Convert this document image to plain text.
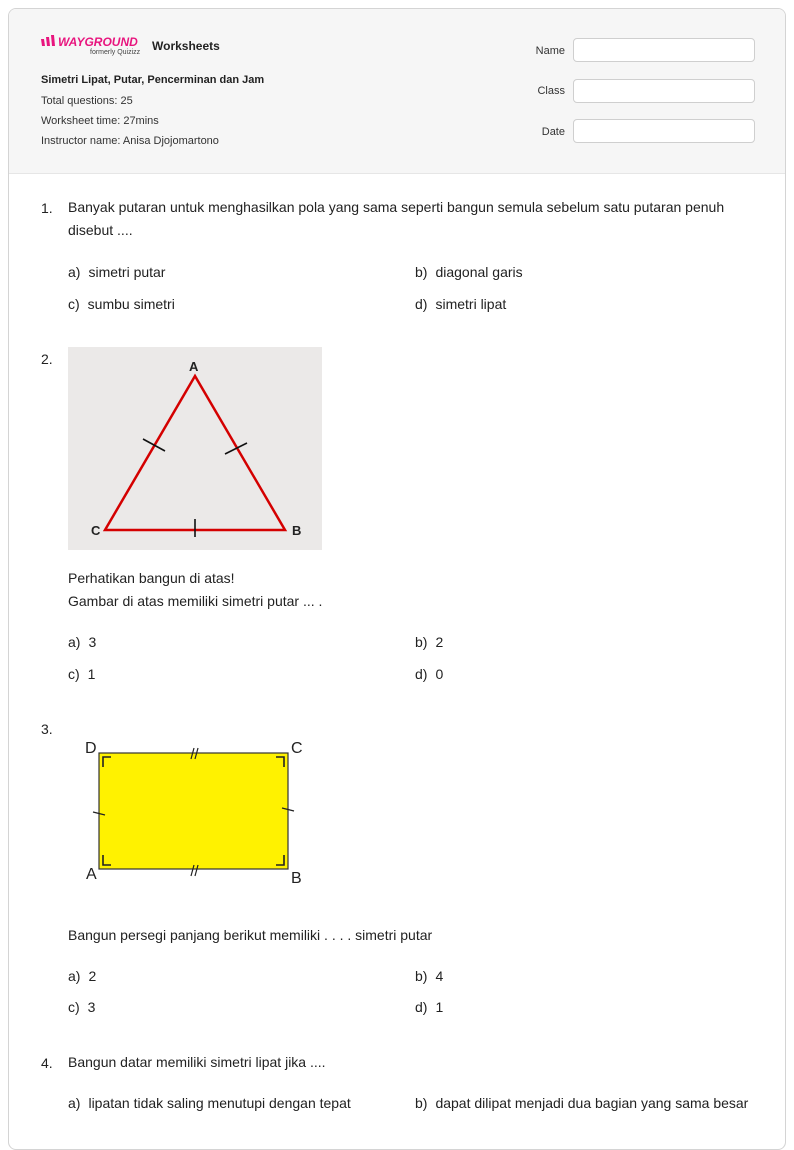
WAYGROUND
formerly Quizizz Worksheets
Simetri Lipat, Putar, Pencerminan dan Jam
Total questions: 25
Worksheet time: 27mins
Instructor name: Anisa Djojomartono
Name
Class
Date
1. Banyak putaran untuk menghasilkan pola yang sama seperti bangun semula sebelum satu putaran penuh disebut ....
a) simetri putar	b) diagonal garis
c) sumbu simetri	d) simetri lipat
2.	A
B
C
Perhatikan bangun di atas!
Gambar di atas memiliki simetri putar ... .
a) 3	b) 2
c) 1	d) 0
3.
D	C
A	B
Bangun persegi panjang berikut memiliki . . . . simetri putar
a) 2	b) 4
c) 3	d) 1
4. Bangun datar memiliki simetri lipat jika ....
a) lipatan tidak saling menutupi dengan tepat	b) dapat dilipat menjadi dua bagian yang sama besar
